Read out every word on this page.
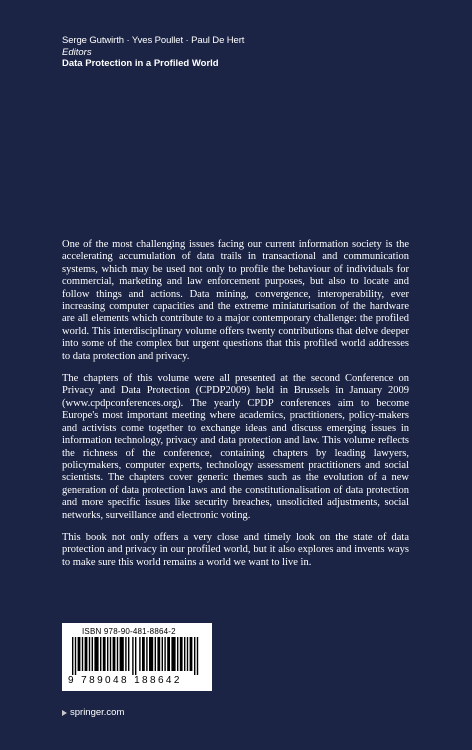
Serge Gutwirth · Yves Poullet · Paul De Hert
Editors
Data Protection in a Profiled World

One of the most challenging issues facing our current information society is the accelerating accumulation of data trails in transactional and communication systems, which may be used not only to profile the behaviour of individuals for commercial, marketing and law enforcement purposes, but also to locate and follow things and actions. Data mining, convergence, interoperability, ever increasing computer capacities and the extreme miniaturisation of the hardware are all elements which contribute to a major contemporary challenge: the profiled world. This interdisciplinary volume offers twenty contributions that delve deeper into some of the complex but urgent questions that this profiled world addresses to data protection and privacy.

The chapters of this volume were all presented at the second Conference on Privacy and Data Protection (CPDP2009) held in Brussels in January 2009 (www.cpdpconferences.org). The yearly CPDP conferences aim to become Europe's most important meeting where academics, practitioners, policy-makers and activists come together to exchange ideas and discuss emerging issues in information technology, privacy and data protection and law. This volume reflects the richness of the conference, containing chapters by leading lawyers, policymakers, computer experts, technology assessment practitioners and social scientists. The chapters cover generic themes such as the evolution of a new generation of data protection laws and the constitutionalisation of data protection and more specific issues like security breaches, unsolicited adjustments, social networks, surveillance and electronic voting.

This book not only offers a very close and timely look on the state of data protection and privacy in our profiled world, but it also explores and invents ways to make sure this world remains a world we want to live in.

ISBN 978-90-481-8864-2
9 789048 188642
springer.com
